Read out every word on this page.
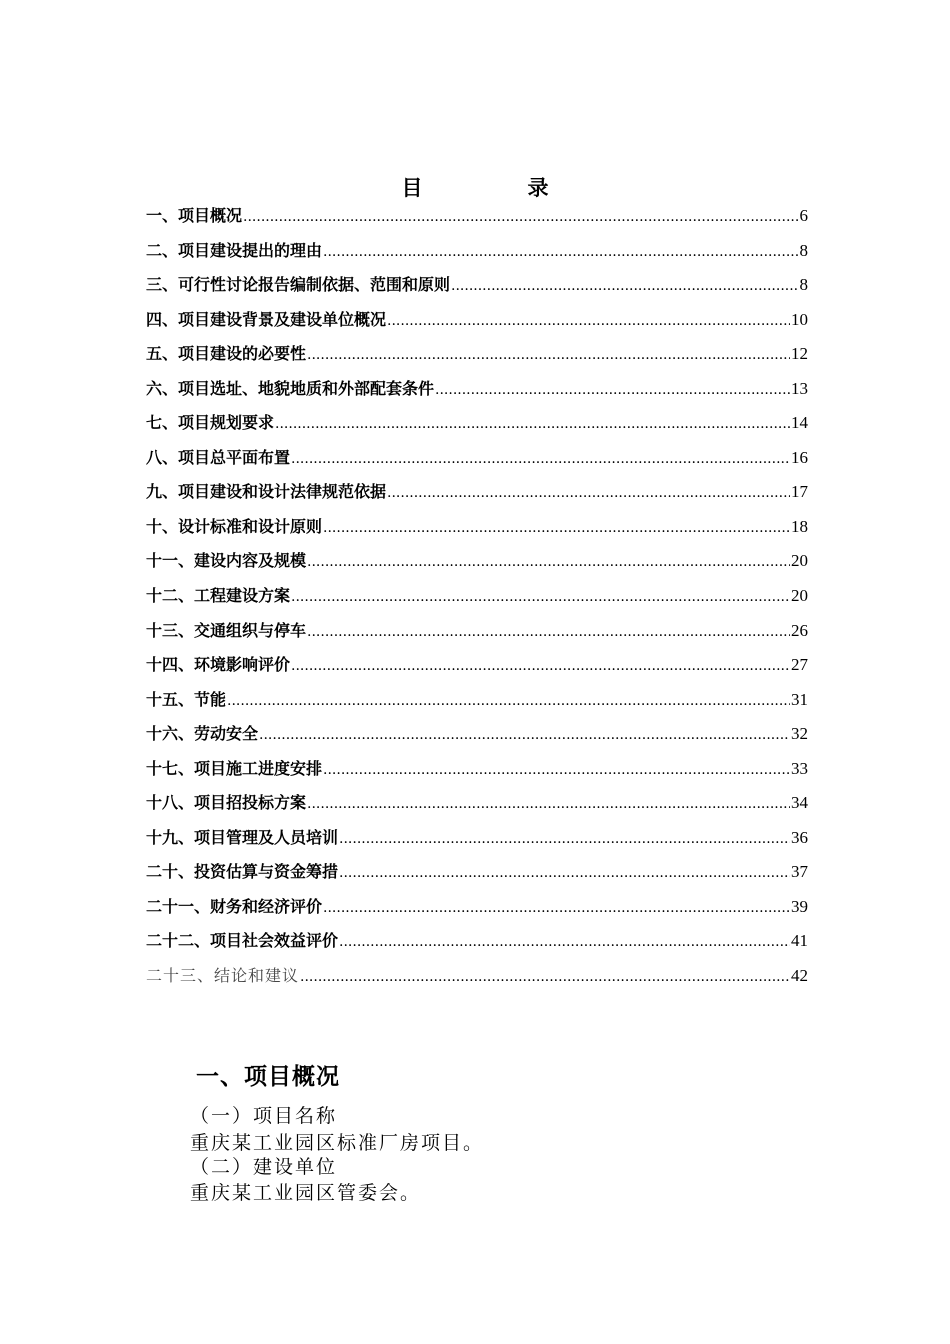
目　录
一、项目概况 .....	6
二、项目建设提出的理由 .....	8
三、可行性讨论报告编制依据、范围和原则 .....	8
四、项目建设背景及建设单位概况 .....	10
五、项目建设的必要性 .....	12
六、项目选址、地貌地质和外部配套条件 .....	13
七、项目规划要求 .....	14
八、项目总平面布置 .....	16
九、项目建设和设计法律规范依据 .....	17
十、设计标准和设计原则 .....	18
十一、建设内容及规模 .....	20
十二、工程建设方案 .....	20
十三、交通组织与停车 .....	26
十四、环境影响评价 .....	27
十五、节能 .....	31
十六、劳动安全 .....	32
十七、项目施工进度安排 .....	33
十八、项目招投标方案 .....	34
十九、项目管理及人员培训 .....	36
二十、投资估算与资金筹措 .....	37
二十一、财务和经济评价 .....	39
二十二、项目社会效益评价 .....	41
二十三、结论和建议 .....	42
一、项目概况
（一）项目名称
重庆某工业园区标准厂房项目。
（二）建设单位
重庆某工业园区管委会。
